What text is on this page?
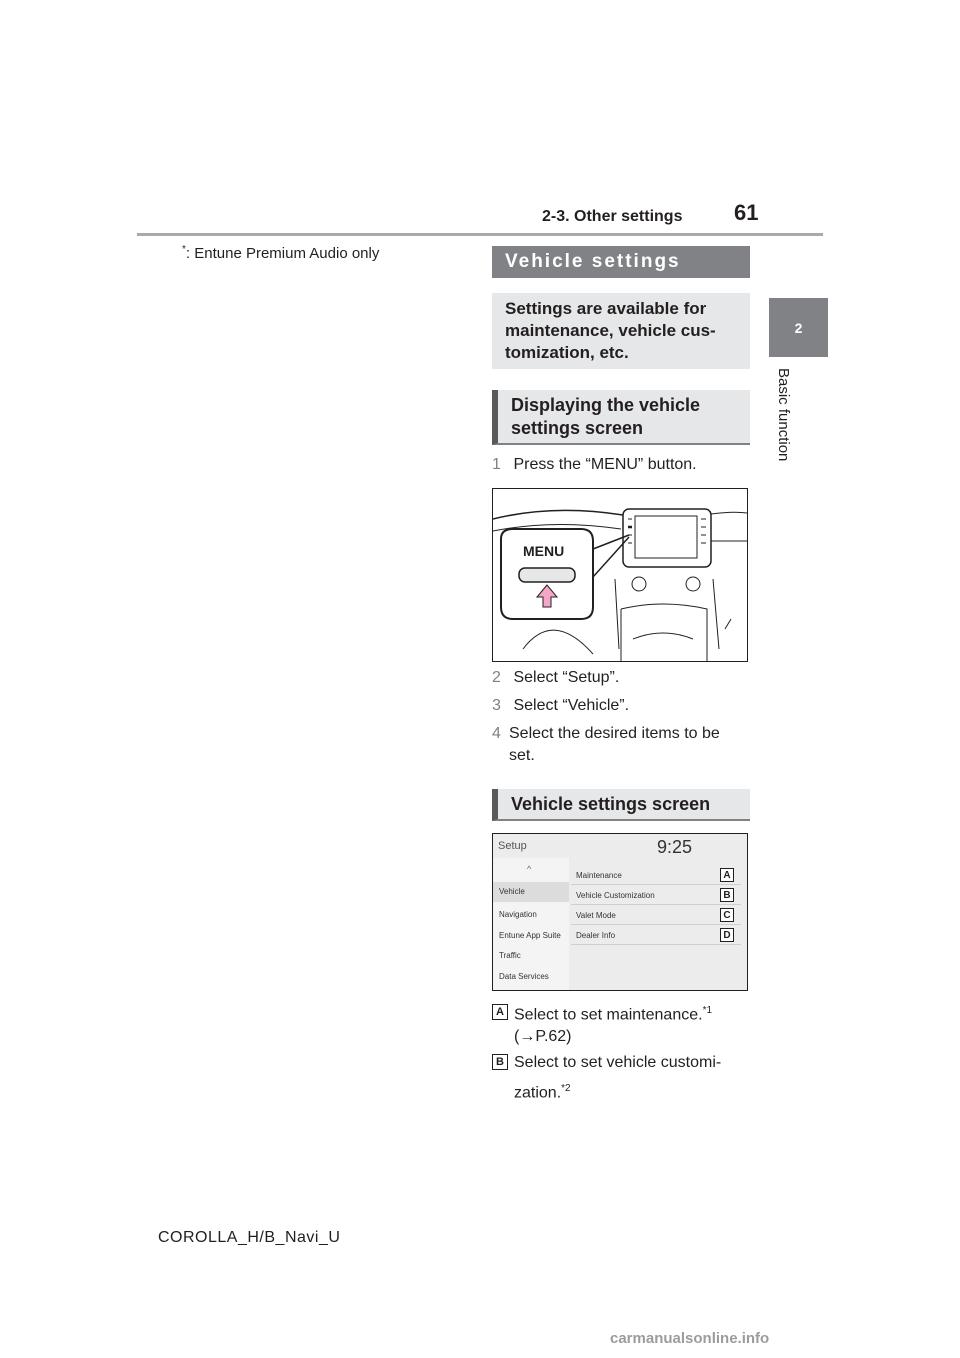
2-3. Other settings 61
2
Basic function
*: Entune Premium Audio only	Vehicle settings
Settings are available for maintenance, vehicle cus-tomization, etc.
Displaying the vehicle settings screen
1 Press the “MENU” button.
MENU
2 Select “Setup”.
3 Select “Vehicle”.
4 Select the desired items to be set.
Vehicle settings screen
Setup	9:25
^
Vehicle
Navigation
Entune App Suite
Traffic
Data Services
Maintenance
Vehicle Customization
Valet Mode
Dealer Info
A
B
C
D
A Select to set maintenance.$^{*1}$
(→P.62)
B Select to set vehicle customi-zation.$^{*2}$
COROLLA_H/B_Navi_U
carmanualsonline.info
